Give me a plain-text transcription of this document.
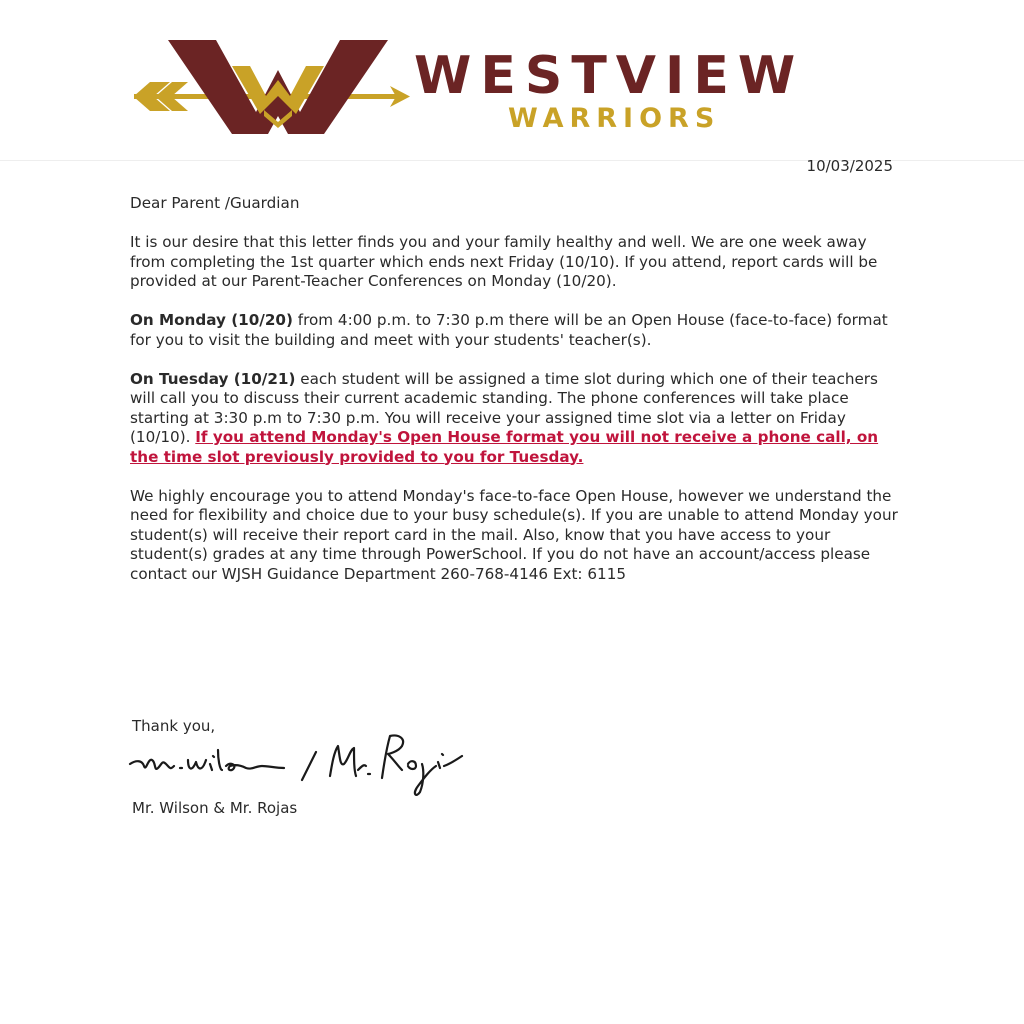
WESTVIEW
WARRIORS
10/03/2025

Dear Parent /Guardian

It is our desire that this letter finds you and your family healthy and well. We are one week away from completing the 1st quarter which ends next Friday (10/10). If you attend, report cards will be provided at our Parent-Teacher Conferences on Monday (10/20).

On Monday (10/20) from 4:00 p.m. to 7:30 p.m there will be an Open House (face-to-face) format for you to visit the building and meet with your students' teacher(s).

On Tuesday (10/21) each student will be assigned a time slot during which one of their teachers will call you to discuss their current academic standing. The phone conferences will take place starting at 3:30 p.m to 7:30 p.m. You will receive your assigned time slot via a letter on Friday (10/10). If you attend Monday's Open House format you will not receive a phone call, on the time slot previously provided to you for Tuesday.

We highly encourage you to attend Monday's face-to-face Open House, however we understand the need for flexibility and choice due to your busy schedule(s). If you are unable to attend Monday your student(s) will receive their report card in the mail. Also, know that you have access to your student(s) grades at any time through PowerSchool. If you do not have an account/access please contact our WJSH Guidance Department 260-768-4146 Ext: 6115

Thank you,
Mr. Wilson & Mr. Rojas
